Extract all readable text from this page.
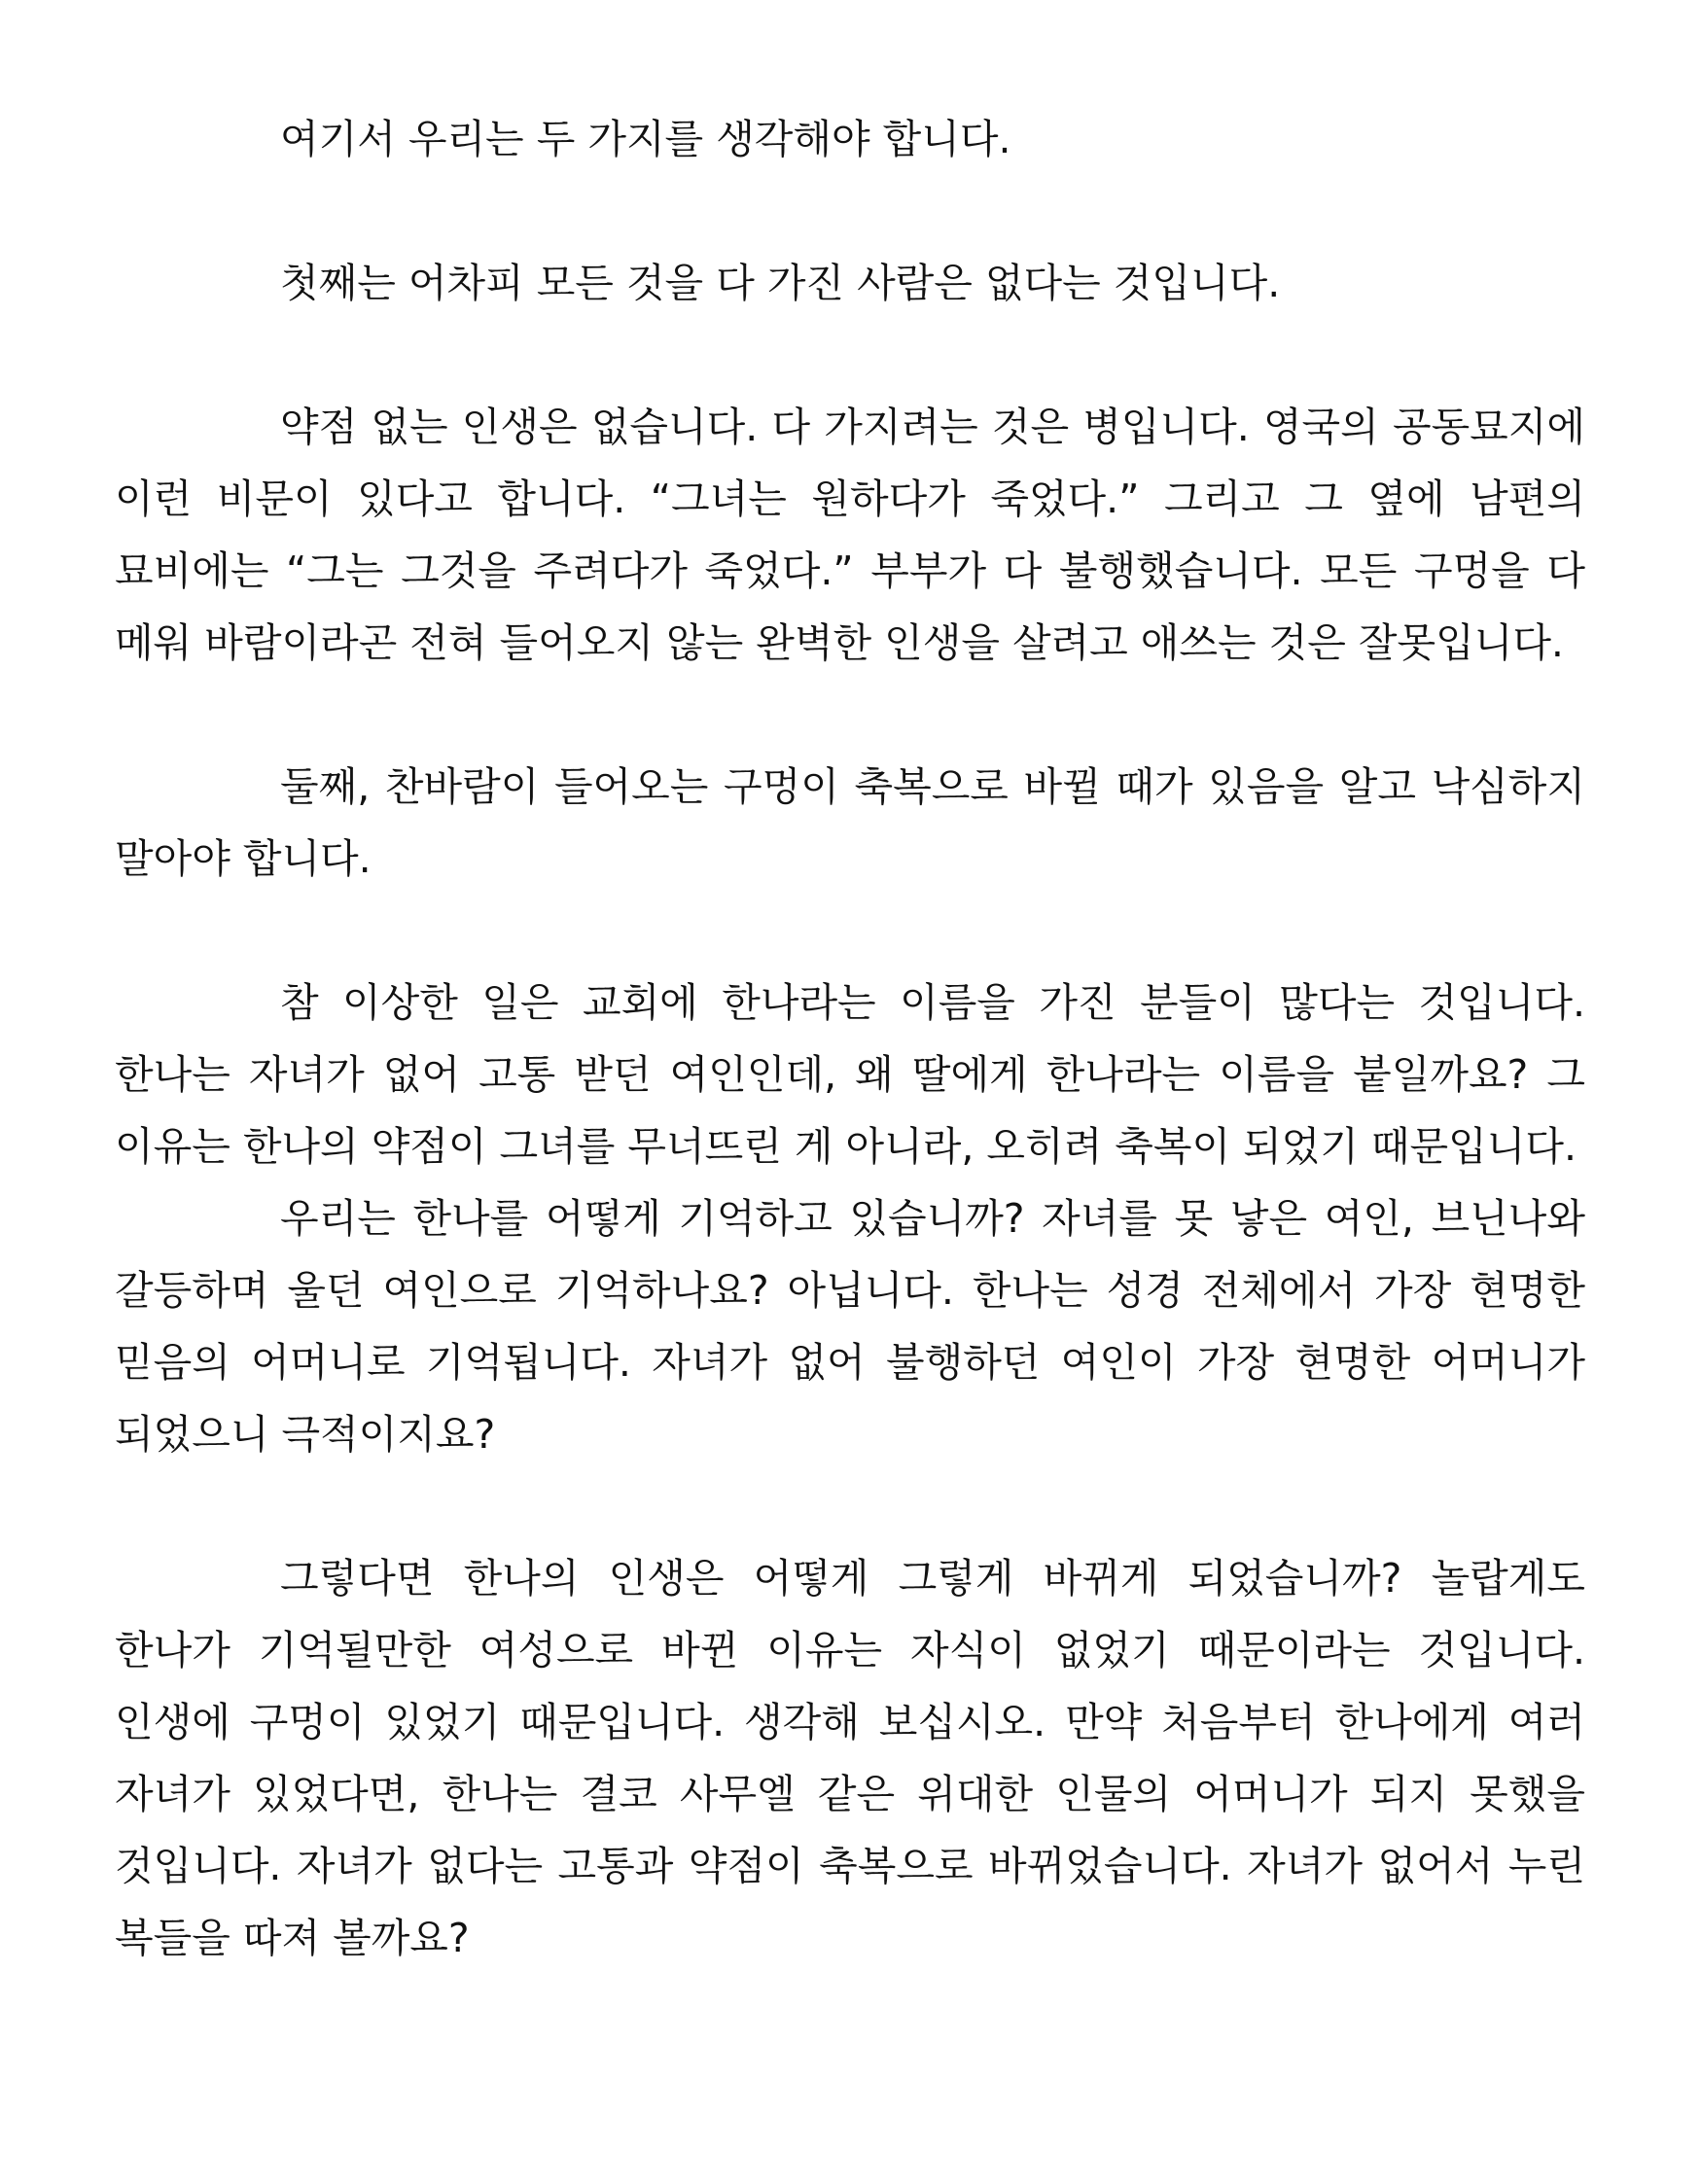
여기서 우리는 두 가지를 생각해야 합니다.

첫째는 어차피 모든 것을 다 가진 사람은 없다는 것입니다.

약점 없는 인생은 없습니다. 다 가지려는 것은 병입니다. 영국의 공동묘지에 이런 비문이 있다고 합니다. “그녀는 원하다가 죽었다.” 그리고 그 옆에 남편의 묘비에는 “그는 그것을 주려다가 죽었다.” 부부가 다 불행했습니다. 모든 구멍을 다 메워 바람이라곤 전혀 들어오지 않는 완벽한 인생을 살려고 애쓰는 것은 잘못입니다.

둘째, 찬바람이 들어오는 구멍이 축복으로 바뀔 때가 있음을 알고 낙심하지 말아야 합니다.

참 이상한 일은 교회에 한나라는 이름을 가진 분들이 많다는 것입니다. 한나는 자녀가 없어 고통 받던 여인인데, 왜 딸에게 한나라는 이름을 붙일까요? 그 이유는 한나의 약점이 그녀를 무너뜨린 게 아니라, 오히려 축복이 되었기 때문입니다.

우리는 한나를 어떻게 기억하고 있습니까? 자녀를 못 낳은 여인, 브닌나와 갈등하며 울던 여인으로 기억하나요? 아닙니다. 한나는 성경 전체에서 가장 현명한 믿음의 어머니로 기억됩니다. 자녀가 없어 불행하던 여인이 가장 현명한 어머니가 되었으니 극적이지요?

그렇다면 한나의 인생은 어떻게 그렇게 바뀌게 되었습니까? 놀랍게도 한나가 기억될만한 여성으로 바뀐 이유는 자식이 없었기 때문이라는 것입니다. 인생에 구멍이 있었기 때문입니다. 생각해 보십시오. 만약 처음부터 한나에게 여러 자녀가 있었다면, 한나는 결코 사무엘 같은 위대한 인물의 어머니가 되지 못했을 것입니다. 자녀가 없다는 고통과 약점이 축복으로 바뀌었습니다. 자녀가 없어서 누린 복들을 따져 볼까요?
